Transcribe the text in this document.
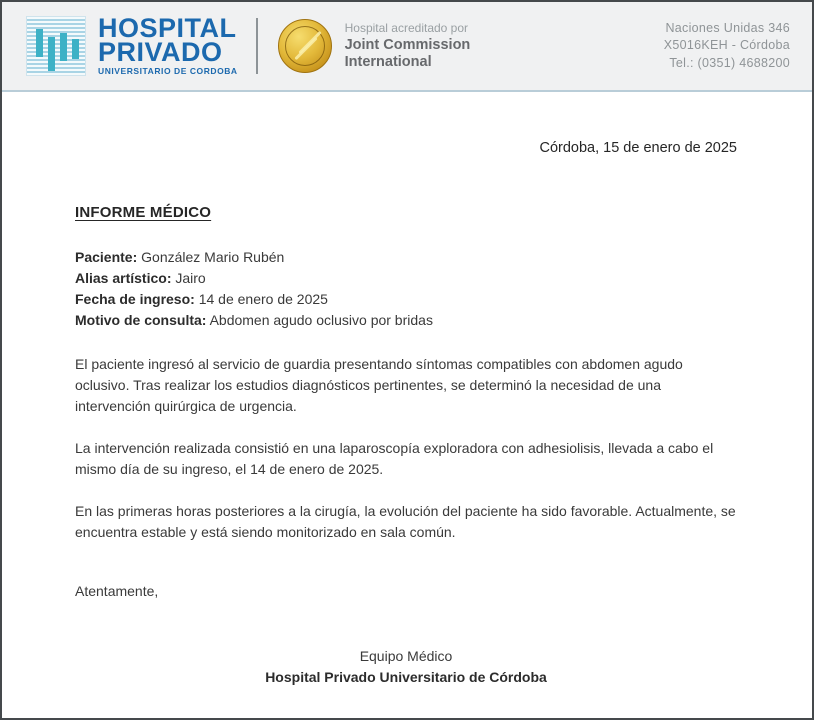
HOSPITAL
PRIVADO
UNIVERSITARIO DE CORDOBA
Hospital acreditado por
Joint Commission
International
Naciones Unidas 346
X5016KEH - Córdoba
Tel.: (0351) 4688200
Córdoba, 15 de enero de 2025
INFORME MÉDICO
Paciente: González Mario Rubén
Alias artístico: Jairo
Fecha de ingreso: 14 de enero de 2025
Motivo de consulta: Abdomen agudo oclusivo por bridas

El paciente ingresó al servicio de guardia presentando síntomas compatibles con abdomen agudo oclusivo. Tras realizar los estudios diagnósticos pertinentes, se determinó la necesidad de una intervención quirúrgica de urgencia.

La intervención realizada consistió en una laparoscopía exploradora con adhesiolisis, llevada a cabo el mismo día de su ingreso, el 14 de enero de 2025.

En las primeras horas posteriores a la cirugía, la evolución del paciente ha sido favorable. Actualmente, se encuentra estable y está siendo monitorizado en sala común.

Atentamente,
Equipo Médico
Hospital Privado Universitario de Córdoba
